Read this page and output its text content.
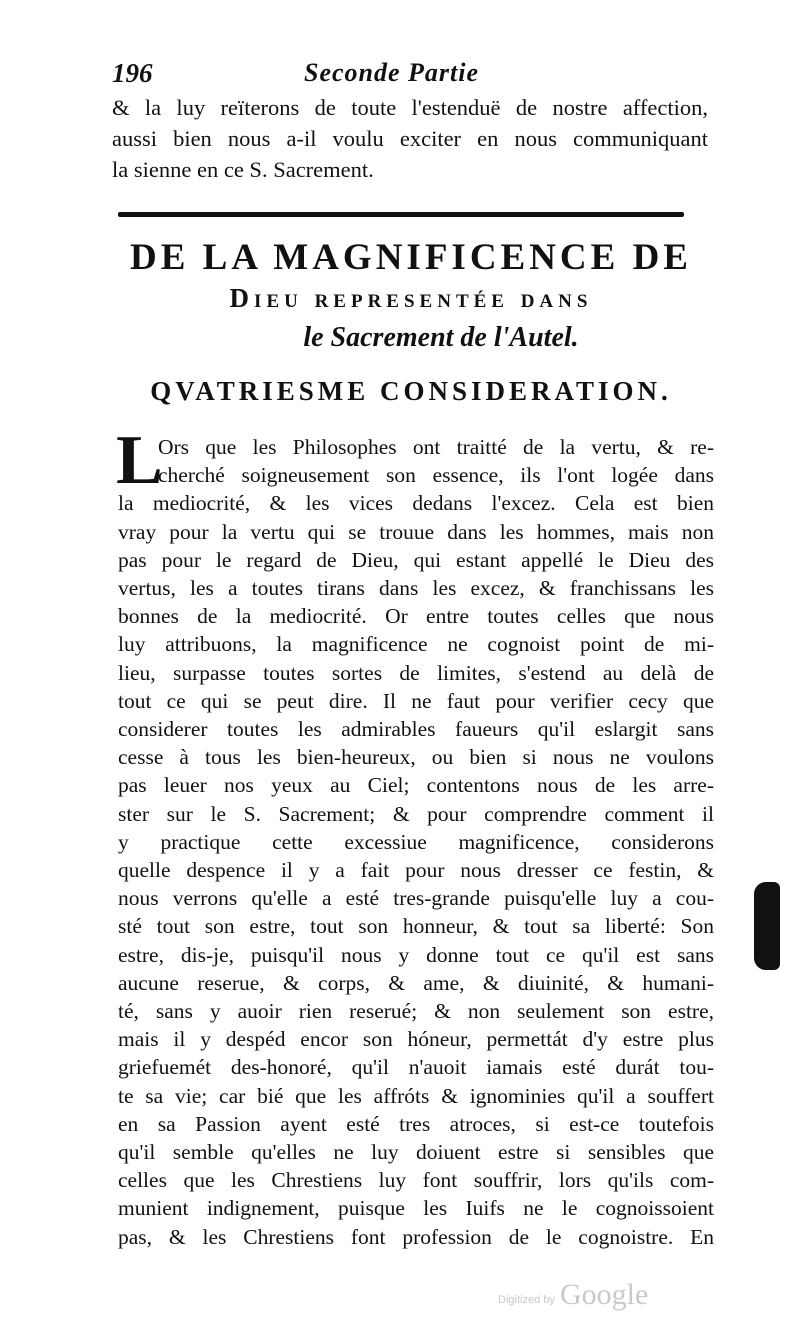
196	Seconde Partie
& la luy reïterons de toute l'estenduë de nostre affection,
aussi bien nous a-il voulu exciter en nous communiquant
la sienne en ce S. Sacrement.
DE LA MAGNIFICENCE DE
Dieu representée dans
le Sacrement de l'Autel.
QVATRIESME CONSIDERATION.
L
Ors que les Philosophes ont traitté de la vertu, & re-
cherché soigneusement son essence, ils l'ont logée dans
la mediocrité, & les vices dedans l'excez. Cela est bien
vray pour la vertu qui se trouue dans les hommes, mais non
pas pour le regard de Dieu, qui estant appellé le Dieu des
vertus, les a toutes tirans dans les excez, & franchissans les
bonnes de la mediocrité. Or entre toutes celles que nous
luy attribuons, la magnificence ne cognoist point de mi-
lieu, surpasse toutes sortes de limites, s'estend au delà de
tout ce qui se peut dire. Il ne faut pour verifier cecy que
considerer toutes les admirables faueurs qu'il eslargit sans
cesse à tous les bien-heureux, ou bien si nous ne voulons
pas leuer nos yeux au Ciel; contentons nous de les arre-
ster sur le S. Sacrement; & pour comprendre comment il
y practique cette excessiue magnificence, considerons
quelle despence il y a fait pour nous dresser ce festin, &
nous verrons qu'elle a esté tres-grande puisqu'elle luy a cou-
sté tout son estre, tout son honneur, & tout sa liberté: Son
estre, dis-je, puisqu'il nous y donne tout ce qu'il est sans
aucune reserue, & corps, & ame, & diuinité, & humani-
té, sans y auoir rien reserué; & non seulement son estre,
mais il y despéd encor son hóneur, permettát d'y estre plus
griefuemét des-honoré, qu'il n'auoit iamais esté durát tou-
te sa vie; car bié que les affróts & ignominies qu'il a souffert
en sa Passion ayent esté tres atroces, si est-ce toutefois
qu'il semble qu'elles ne luy doiuent estre si sensibles que
celles que les Chrestiens luy font souffrir, lors qu'ils com-
munient indignement, puisque les Iuifs ne le cognoissoient
pas, & les Chrestiens font profession de le cognoistre. En
Digitized by Google
